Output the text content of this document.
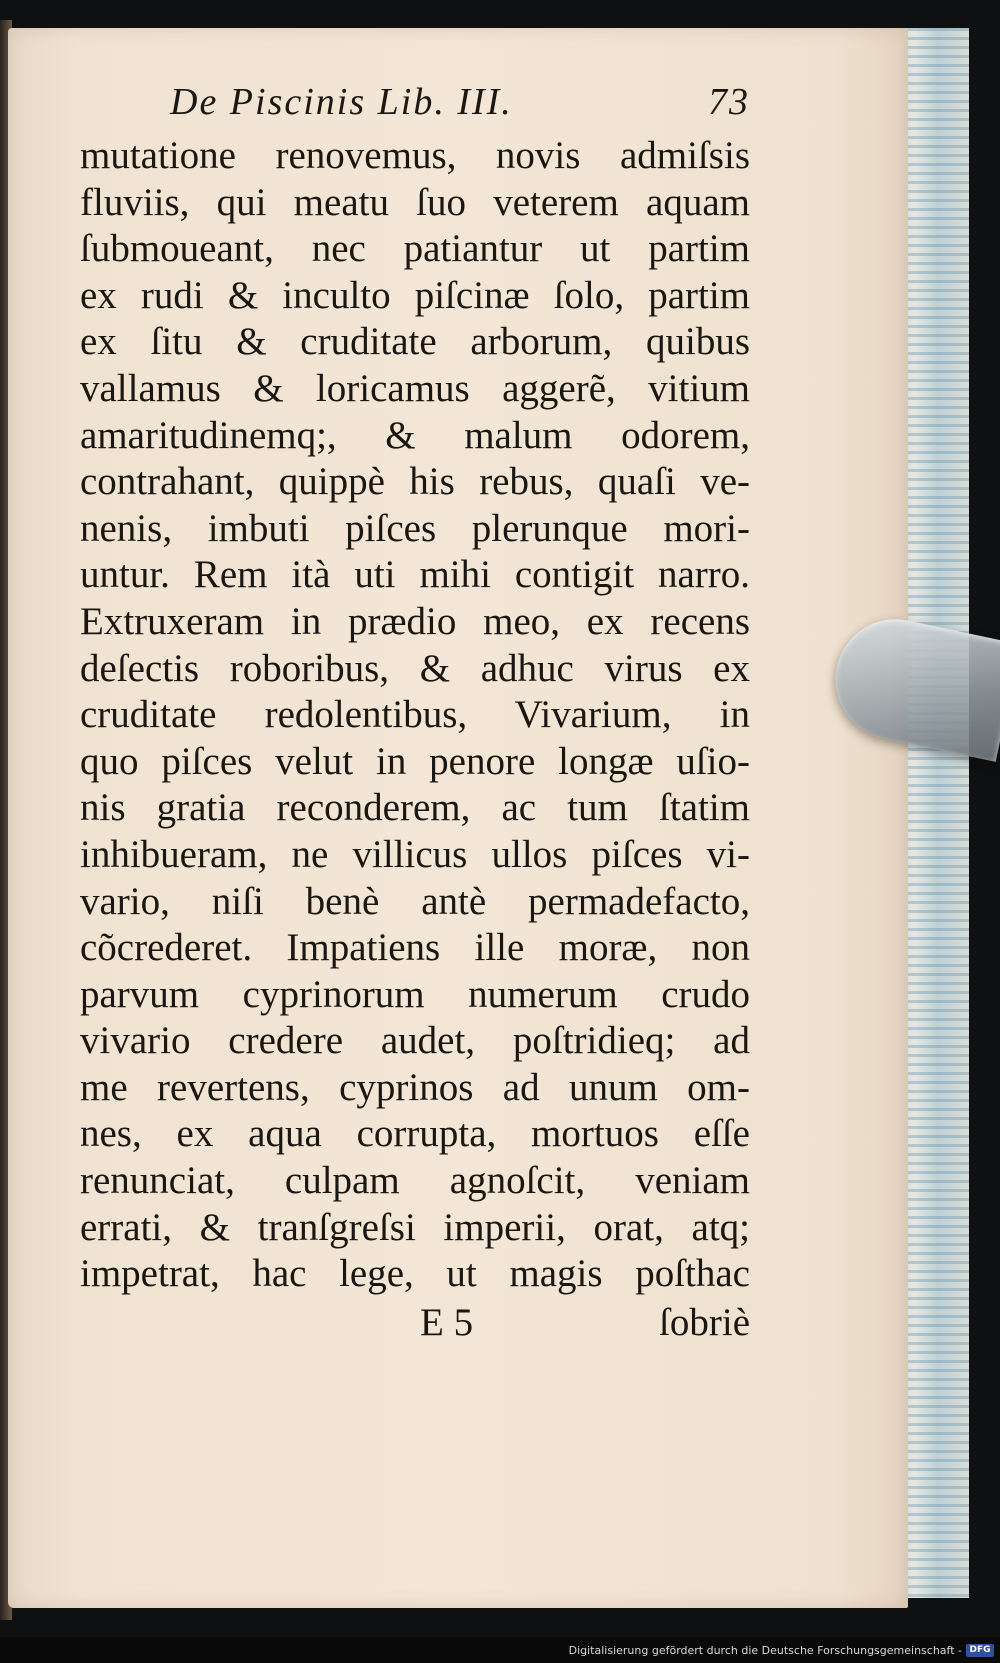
De Piscinis Lib. III.	73
mutatione renovemus, novis admiſsis
fluviis, qui meatu ſuo veterem aquam
ſubmoueant, nec patiantur ut partim
ex rudi & inculto piſcinæ ſolo, partim
ex ſitu & cruditate arborum, quibus
vallamus & loricamus aggerẽ, vitium
amaritudinemq;, & malum odorem,
contrahant, quippè his rebus, quaſi ve-
nenis, imbuti piſces plerunque mori-
untur. Rem ità uti mihi contigit narro.
Extruxeram in prædio meo, ex recens
deſectis roboribus, & adhuc virus ex
cruditate redolentibus, Vivarium, in
quo piſces velut in penore longæ uſio-
nis gratia reconderem, ac tum ſtatim
inhibueram, ne villicus ullos piſces vi-
vario, niſi benè antè permadefacto,
cõcrederet. Impatiens ille moræ, non
parvum cyprinorum numerum crudo
vivario credere audet, poſtridieq; ad
me revertens, cyprinos ad unum om-
nes, ex aqua corrupta, mortuos eſſe
renunciat, culpam agnoſcit, veniam
errati, & tranſgreſsi imperii, orat, atq;
impetrat, hac lege, ut magis poſthac
E 5	ſobriè
Digitalisierung gefördert durch die Deutsche Forschungsgemeinschaft - DFG
